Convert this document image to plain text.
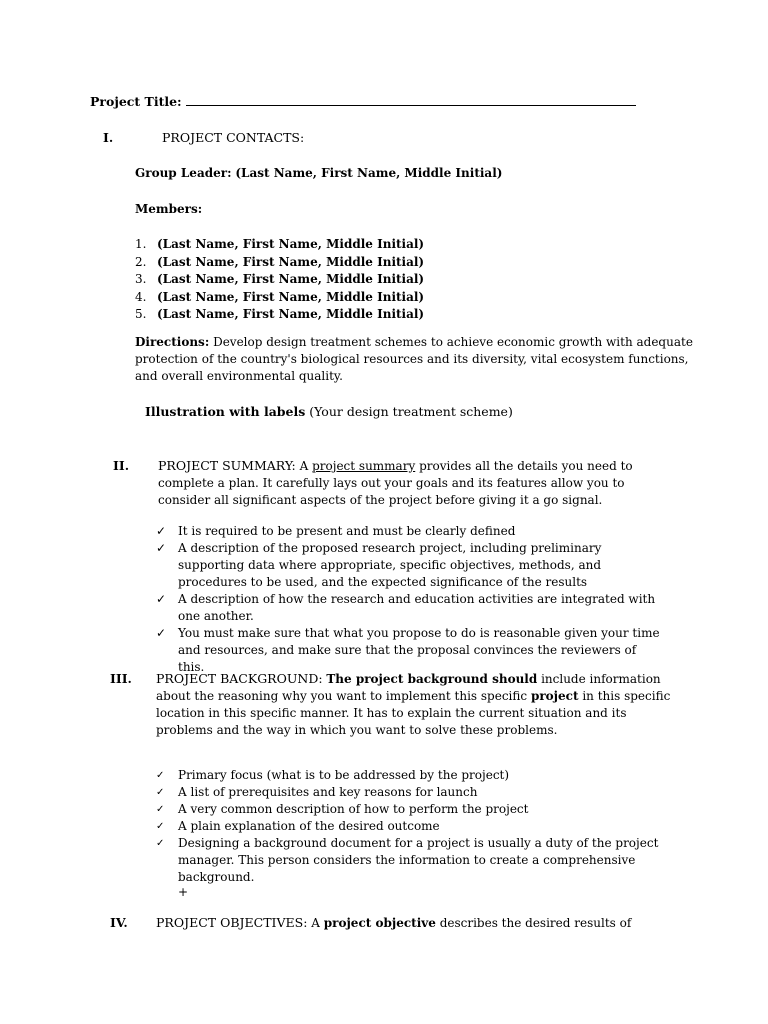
Project Title:
I.	PROJECT CONTACTS:
Group Leader: (Last Name, First Name, Middle Initial)
Members:
1. (Last Name, First Name, Middle Initial)
2. (Last Name, First Name, Middle Initial)
3. (Last Name, First Name, Middle Initial)
4. (Last Name, First Name, Middle Initial)
5. (Last Name, First Name, Middle Initial)
Directions: Develop design treatment schemes to achieve economic growth with adequate protection of the country's biological resources and its diversity, vital ecosystem functions, and overall environmental quality.
Illustration with labels (Your design treatment scheme)
II. PROJECT SUMMARY: A project summary provides all the details you need to complete a plan. It carefully lays out your goals and its features allow you to consider all significant aspects of the project before giving it a go signal.
✓ It is required to be present and must be clearly defined
✓ A description of the proposed research project, including preliminary supporting data where appropriate, specific objectives, methods, and procedures to be used, and the expected significance of the results
✓ A description of how the research and education activities are integrated with one another.
✓ You must make sure that what you propose to do is reasonable given your time and resources, and make sure that the proposal convinces the reviewers of this.
III. PROJECT BACKGROUND: The project background should include information about the reasoning why you want to implement this specific project in this specific location in this specific manner. It has to explain the current situation and its problems and the way in which you want to solve these problems.
✓ Primary focus (what is to be addressed by the project)
✓ A list of prerequisites and key reasons for launch
✓ A very common description of how to perform the project
✓ A plain explanation of the desired outcome
✓ Designing a background document for a project is usually a duty of the project manager. This person considers the information to create a comprehensive background.
+
IV. PROJECT OBJECTIVES: A project objective describes the desired results of
